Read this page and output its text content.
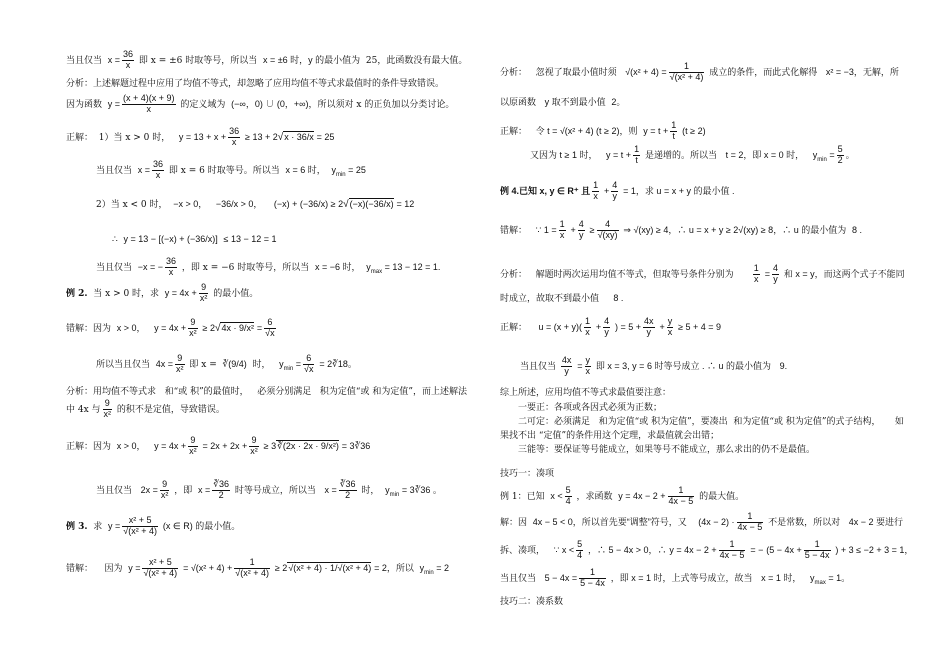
当且仅当 $x = \frac{36}{x}$ 即 x = ±6 时取等号，所以当 x = ±6 时，y 的最小值为 25，此函数没有最大值。
分析：上述解题过程中应用了均值不等式，却忽略了应用均值不等式求最值时的条件导致错误。
因为函数 $y = \frac{(x + 4)(x + 9)}{x}$ 的定义域为 (−∞，0) ∪ (0，+∞)，所以须对 x 的正负加以分类讨论。
正解： 1）当 x > 0 时， $y = 13 + x + \frac{36}{x} \ge 13 + 2√x \cdot 36/x = 25$
当且仅当 $x = \frac{36}{x}$ 即 x = 6 时取等号。所以当 x = 6 时， $y_{min} = 25$
2）当 x < 0 时， −x > 0， −36/x > 0， (−x) + (−36/x) ≥ 2√(−x)(−36/x) = 12
∴ y = 13 − [(−x) + (−36/x)] ≤ 13 − 12 = 1
当且仅当 −x = − $\frac{36}{x}$ ，即 x = −6 时取等号，所以当 x = −6 时， $y_{max} = 13 - 12 = 1$.
例 2. 当 x > 0 时，求 $y = 4x + \frac{9}{\text{x²}}$ 的最小值。
错解：因为 x > 0， $y = 4x + \frac{9}{\text{x²}} \ge 2√4x \cdot 9/x^2 = \frac{6}{√x}$
所以当且仅当 $4x = \frac{9}{\text{x²}}$ 即 x = ∛(9/4) 时， $y_{min} = \frac{6}{√x}$ = 2∛18。
分析：用均值不等式求 和“或 积”的最值时， 必须分别满足 积为定值“或 和为定值”，而上述解法
中 4x 与 $\frac{9}{\text{x²}}$ 的积不是定值，导致错误。
正解：因为 x > 0， $y = 4x + \frac{9}{\text{x²}} = 2x + 2x + \frac{9}{\text{x²}}$ ≥ 3∛(2x · 2x · 9/x²) = 3∛36
当且仅当 $2x = \frac{9}{\text{x²}}$ ，即 $x = \frac{∛36}{2}$ 时等号成立，所以当 $x = \frac{∛36}{2}$ 时， $y_{min}$ = 3∛36 。
例 3. 求 $y = \frac{\text{x² + 5}}{\text{√(x² + 4)}} (x$ ∈ R) 的最小值。
错解： 因为 $y = \frac{\text{x² + 5}}{\text{√(x² + 4)}} = √(x^2 + 4) + \frac{1}{\text{√(x² + 4)}} \ge 2√(x^2 + 4) \cdot 1/√(x^2 + 4) = 2$，所以 $y_{min} = 2$
分析： 忽视了取最小值时须 $√(x^2 + 4) = \frac{1}{\text{√(x² + 4)}}$ 成立的条件，而此式化解得 x² = −3，无解，所
以原函数 y 取不到最小值 2。
正解： 令 t = √(x² + 4) (t ≥ 2)，则 $y = t + \frac{1}{t} (t \ge 2)$
又因为 t ≥ 1 时， $y = t + \frac{1}{t}$ 是递增的。所以当 t = 2，即 x = 0 时， $y_{min} = \frac{5}{2}$ 。
例 4.已知 x, y ∈ R⁺ 且 $\frac{1}{x} + \frac{4}{y} = 1$，求 u = x + y 的最小值 .
错解： ∵ $1 = \frac{1}{x} + \frac{4}{y} \ge \frac{4}{√(xy)}$ ⇒ √(xy) ≥ 4，∴ u = x + y ≥ 2√(xy) ≥ 8，∴ u 的最小值为 8 .
分析： 解题时两次运用均值不等式，但取等号条件分别为 $\frac{1}{x} = \frac{4}{y}$ 和 x = y，而这两个式子不能同
时成立，故取不到最小值 8 .
正解： $u = (x + y)( \frac{1}{x} + \frac{4}{y}$ ) = $5 + \frac{4x}{y} + \frac{y}{x} \ge 5 + 4 = 9$
当且仅当 $\frac{4x}{y} = \frac{y}{x}$ 即 x = 3, y = 6 时等号成立 . ∴ u 的最小值为 9.
综上所述，应用均值不等式求最值要注意：
一要正：各项或各因式必须为正数；
二可定：必须满足 和为定值“或 积为定值”，要凑出 和为定值“或 积为定值”的式子结构， 如
果找不出 “定值”的条件用这个定理，求最值就会出错；
三能等：要保证等号能成立，如果等号不能成立，那么求出的仍不是最值。
技巧一：凑项
例 1：已知 $x < \frac{5}{4}$ ，求函数 $y = 4x - 2 + \frac{1}{4x - 5}$ 的最大值。
解：因 4x − 5 < 0，所以首先要“调整”符号，又 $(4x - 2) \cdot \frac{1}{4x - 5}$ 不是常数，所以对 4x − 2 要进行
拆、凑项， ∵ $x < \frac{5}{4}$ ，∴ 5 − 4x > 0，∴ $y = 4x - 2 + \frac{1}{4x - 5}$ = − ($5 - 4x + \frac{1}{5 - 4x}$ ) + 3 ≤ −2 + 3 = 1，
当且仅当 $5 - 4x = \frac{1}{5 - 4x}$ ，即 x = 1 时，上式等号成立，故当 x = 1 时， $y_{max} = 1$。
技巧二：凑系数
